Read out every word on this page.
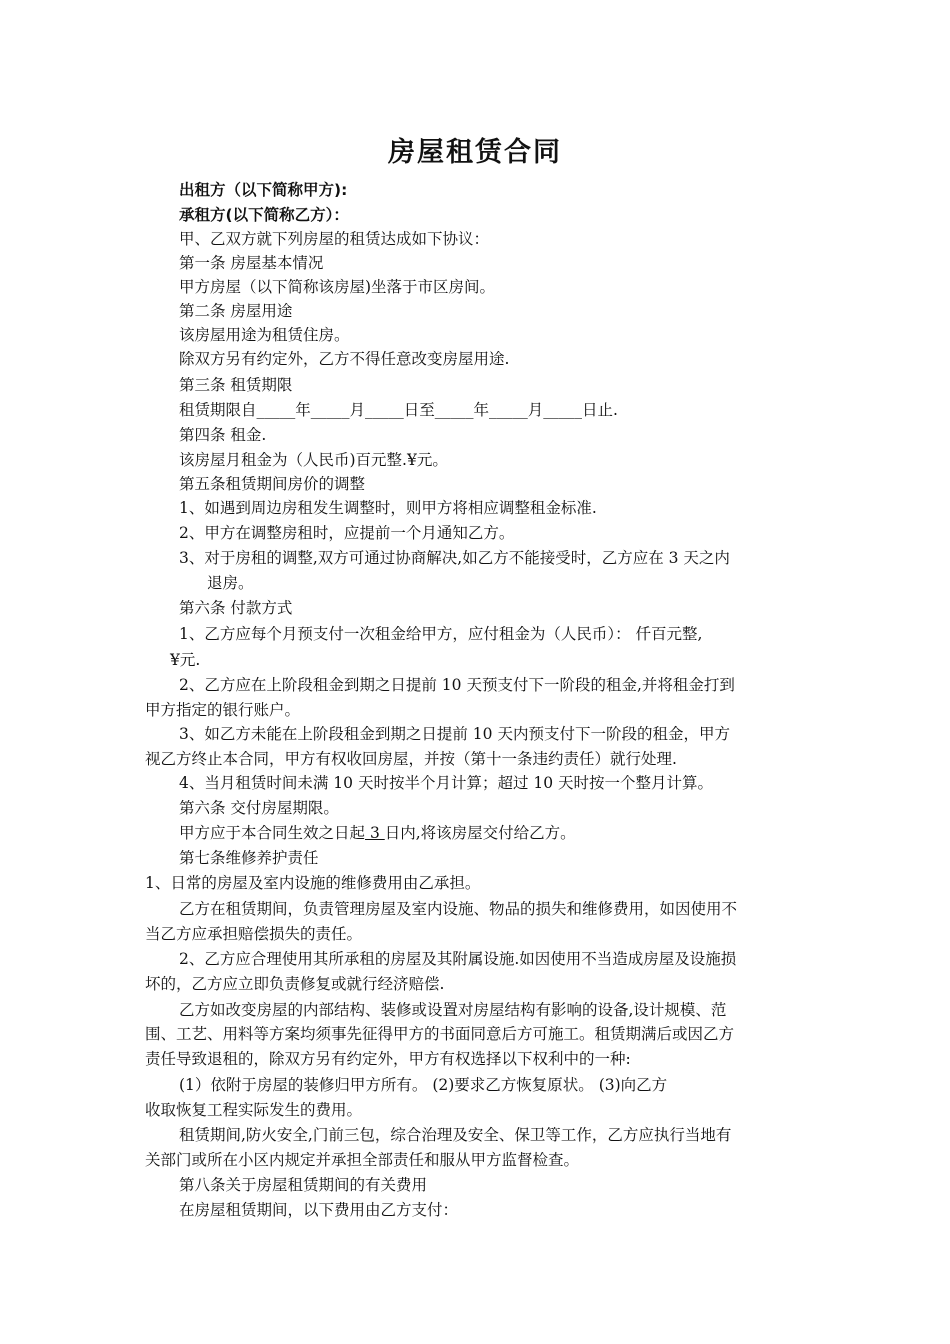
房屋租赁合同
出租方（以下简称甲方):
承租方(以下简称乙方）：
甲、乙双方就下列房屋的租赁达成如下协议：
第一条 房屋基本情况
甲方房屋（以下简称该房屋)坐落于市区房间。
第二条 房屋用途
该房屋用途为租赁住房。
除双方另有约定外，乙方不得任意改变房屋用途.
第三条 租赁期限
租赁期限自_____年_____月_____日至_____年_____月_____日止.
第四条 租金.
该房屋月租金为（人民币)百元整.¥元。
第五条租赁期间房价的调整
1、如遇到周边房租发生调整时，则甲方将相应调整租金标准.
2、甲方在调整房租时，应提前一个月通知乙方。
3、对于房租的调整,双方可通过协商解决,如乙方不能接受时，乙方应在 3 天之内
退房。
第六条 付款方式
1、乙方应每个月预支付一次租金给甲方，应付租金为（人民币）： 仟百元整,
¥元.
2、乙方应在上阶段租金到期之日提前 10 天预支付下一阶段的租金,并将租金打到
甲方指定的银行账户。
3、如乙方未能在上阶段租金到期之日提前 10 天内预支付下一阶段的租金，甲方
视乙方终止本合同，甲方有权收回房屋，并按（第十一条违约责任）就行处理.
4、当月租赁时间未满 10 天时按半个月计算；超过 10 天时按一个整月计算。
第六条 交付房屋期限。
甲方应于本合同生效之日起 3 日内,将该房屋交付给乙方。
第七条维修养护责任
1、日常的房屋及室内设施的维修费用由乙承担。
乙方在租赁期间，负责管理房屋及室内设施、物品的损失和维修费用，如因使用不
当乙方应承担赔偿损失的责任。
2、乙方应合理使用其所承租的房屋及其附属设施.如因使用不当造成房屋及设施损
坏的，乙方应立即负责修复或就行经济赔偿.
乙方如改变房屋的内部结构、装修或设置对房屋结构有影响的设备,设计规模、范
围、工艺、用料等方案均须事先征得甲方的书面同意后方可施工。租赁期满后或因乙方
责任导致退租的，除双方另有约定外，甲方有权选择以下权利中的一种:
(1）依附于房屋的装修归甲方所有。 (2)要求乙方恢复原状。 (3)向乙方
收取恢复工程实际发生的费用。
租赁期间,防火安全,门前三包，综合治理及安全、保卫等工作，乙方应执行当地有
关部门或所在小区内规定并承担全部责任和服从甲方监督检查。
第八条关于房屋租赁期间的有关费用
在房屋租赁期间，以下费用由乙方支付：
